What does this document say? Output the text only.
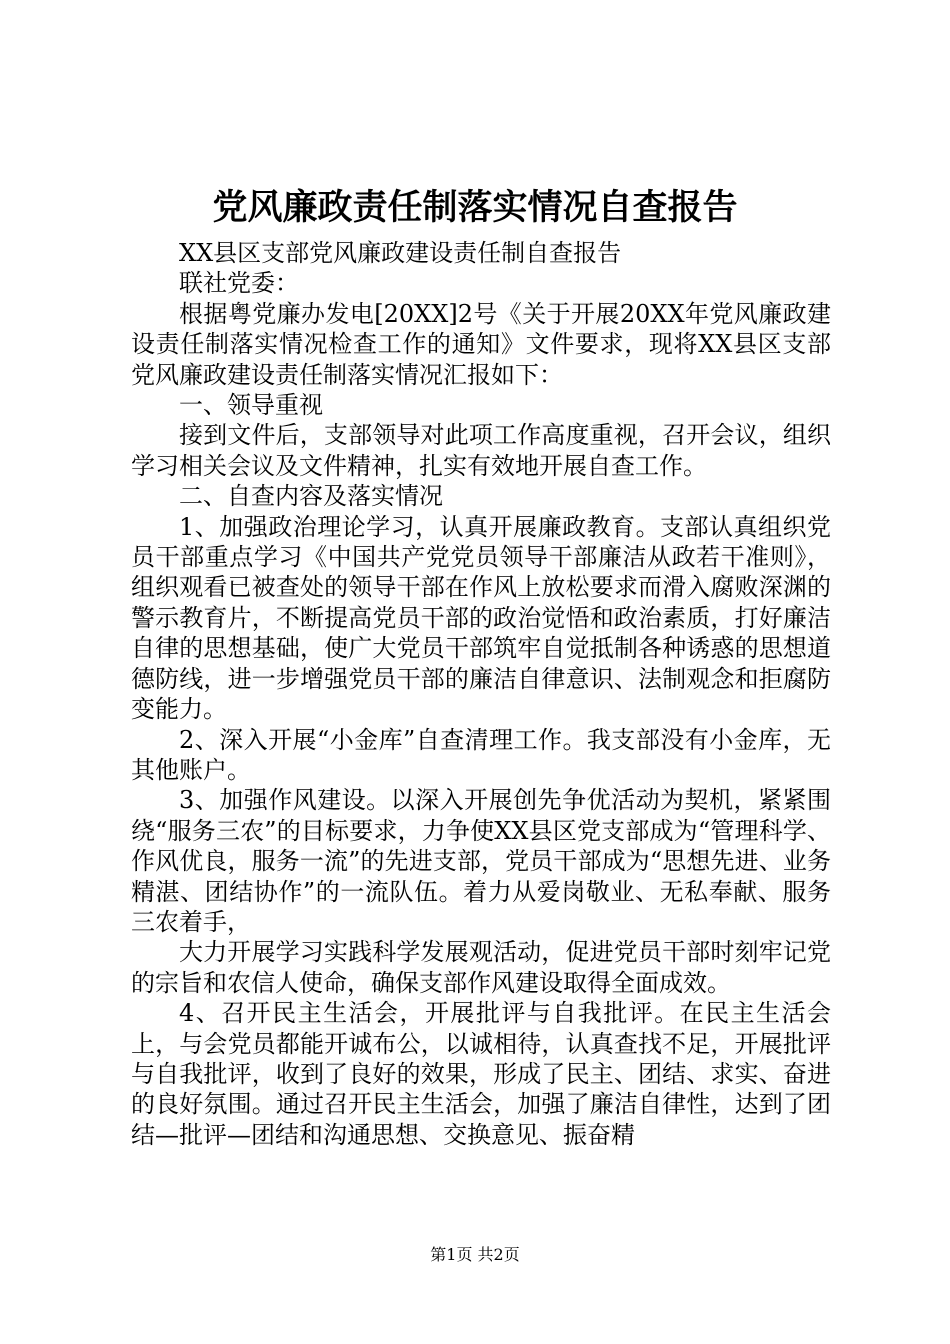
党风廉政责任制落实情况自查报告

XX县区支部党风廉政建设责任制自查报告

联社党委：

根据粤党廉办发电[20XX]2号《关于开展20XX年党风廉政建设责任制落实情况检查工作的通知》文件要求，现将XX县区支部党风廉政建设责任制落实情况汇报如下：

一、领导重视

接到文件后，支部领导对此项工作高度重视，召开会议，组织学习相关会议及文件精神，扎实有效地开展自查工作。

二、自查内容及落实情况

1、加强政治理论学习，认真开展廉政教育。支部认真组织党员干部重点学习《中国共产党党员领导干部廉洁从政若干准则》，组织观看已被查处的领导干部在作风上放松要求而滑入腐败深渊的警示教育片，不断提高党员干部的政治觉悟和政治素质，打好廉洁自律的思想基础，使广大党员干部筑牢自觉抵制各种诱惑的思想道德防线，进一步增强党员干部的廉洁自律意识、法制观念和拒腐防变能力。

2、深入开展“小金库”自查清理工作。我支部没有小金库，无其他账户。

3、加强作风建设。以深入开展创先争优活动为契机，紧紧围绕“服务三农”的目标要求，力争使XX县区党支部成为“管理科学、作风优良，服务一流”的先进支部，党员干部成为“思想先进、业务精湛、团结协作”的一流队伍。着力从爱岗敬业、无私奉献、服务三农着手，

大力开展学习实践科学发展观活动，促进党员干部时刻牢记党的宗旨和农信人使命，确保支部作风建设取得全面成效。

4、召开民主生活会，开展批评与自我批评。在民主生活会上，与会党员都能开诚布公，以诚相待，认真查找不足，开展批评与自我批评，收到了良好的效果，形成了民主、团结、求实、奋进的良好氛围。通过召开民主生活会，加强了廉洁自律性，达到了团结—批评—团结和沟通思想、交换意见、振奋精

第1页 共2页
